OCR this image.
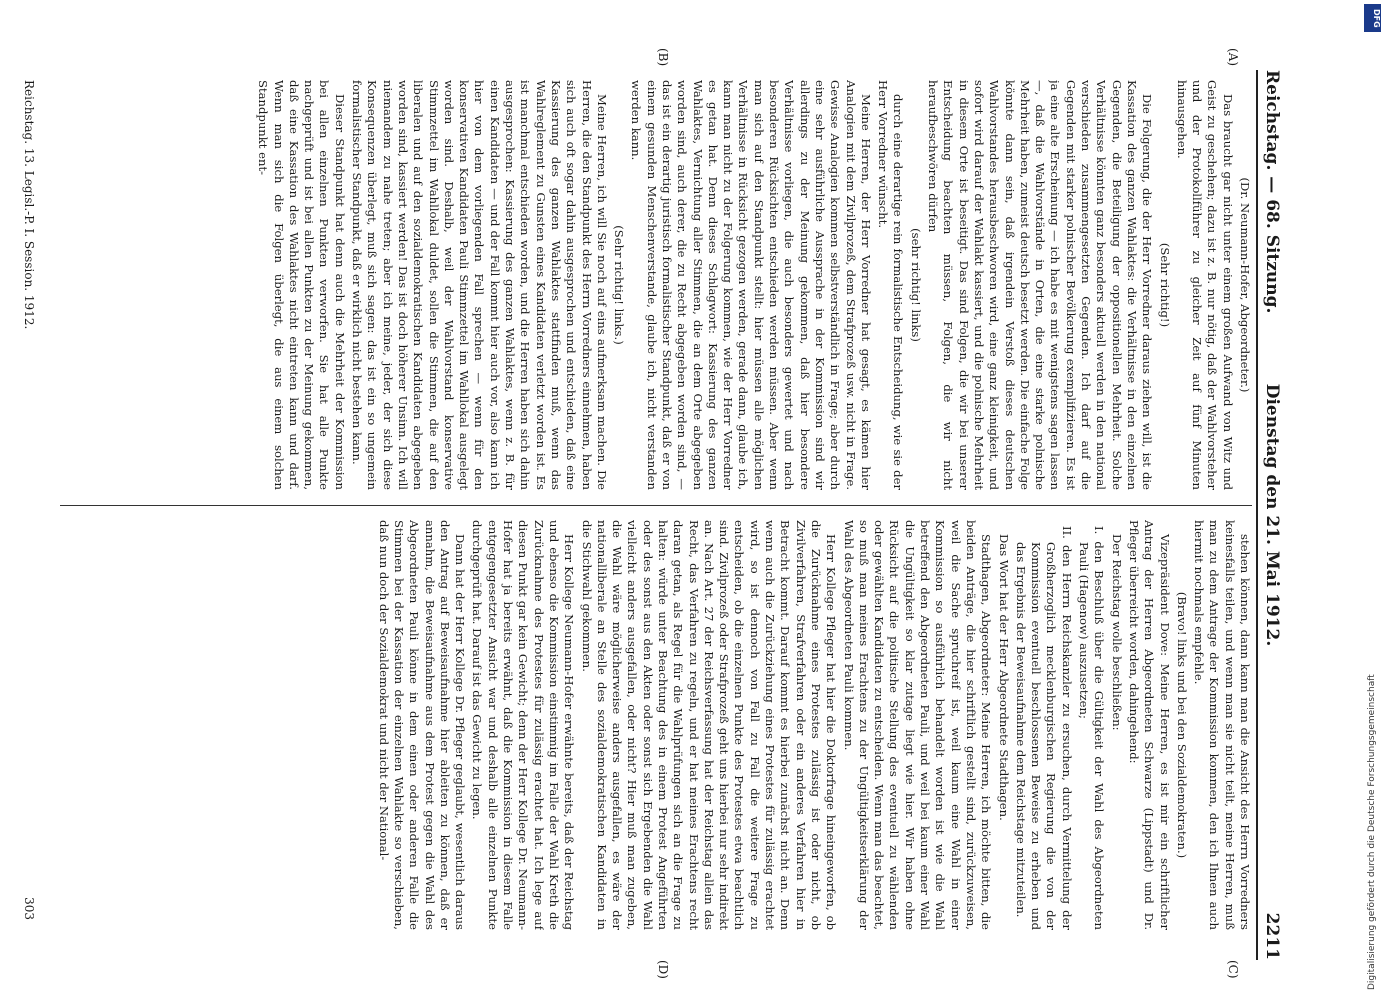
Reichstag. — 68. Sitzung.
Dienstag den 21. Mai 1912.
2211
(A)
(B)
(C)
(D)

(Dr. Neumann-Hofer, Abgeordneter.)

Das braucht gar nicht unter einem großen Aufwand von Witz und Geist zu geschehen; dazu ist z. B. nur nötig, daß der Wahlvorsteher und der Protokollführer zu gleicher Zeit auf fünf Minuten hinausgehen.

(Sehr richtig!)

Die Folgerung, die der Herr Vorredner daraus ziehen will, ist die Kassation des ganzen Wahlaktes: die Verhältnisse in den einzelnen Gegenden, die Beteiligung der oppositionellen Mehrheit. Solche Verhältnisse könnten ganz besonders aktuell werden in den national verschieden zusammengesetzten Gegenden. Ich darf auf die Gegenden mit starker polnischer Bevölkerung exemplifizieren. Es ist ja eine alte Erscheinung — ich habe es mit wenigstens sagen lassen —, daß die Wahlvorstände in Orten, die eine starke polnische Mehrheit haben, zumeist deutsch besetzt werden. Die einfache Folge könnte dann sein, daß irgendein Verstoß dieses deutschen Wahlvorstandes herausbeschworen wird, eine ganz kleinigkeit, und sofort wird darauf der Wahlakt kassiert, und die polnische Mehrheit in diesem Orte ist beseitigt. Das sind Folgen, die wir bei unserer Entscheidung beachten müssen, Folgen, die wir nicht heraufbeschwören dürfen

(sehr richtig! links)

durch eine derartige rein formalistische Entscheidung, wie sie der Herr Vorredner wünscht.

Meine Herren, der Herr Vorredner hat gesagt, es kämen hier Analogien mit dem Zivilprozeß, dem Strafprozeß usw. nicht in Frage. Gewisse Analogien kommen selbstverständlich in Frage; aber durch eine sehr ausführliche Aussprache in der Kommission sind wir allerdings zu der Meinung gekommen, daß hier besondere Verhältnisse vorliegen, die auch besonders gewertet und nach besonderen Rücksichten entschieden werden müssen. Aber wenn man sich auf den Standpunkt stellt: hier müssen alle möglichen Verhältnisse in Rücksicht gezogen werden, gerade dann, glaube ich, kann man nicht zu der Folgerung kommen, wie der Herr Vorredner es getan hat. Denn dieses Schlagwort: Kassierung des ganzen Wahlaktes, Vernichtung aller Stimmen, die an dem Orte abgegeben worden sind, auch derer, die zu Recht abgegeben worden sind, — das ist ein derartig juristisch formalistischer Standpunkt, daß er von einem gesunden Menschenverstande, glaube ich, nicht verstanden werden kann.

(Sehr richtig! links.)

Meine Herren, ich will Sie noch auf eins aufmerksam machen. Die Herren, die den Standpunkt des Herrn Vorredners einnehmen, haben sich auch oft sogar dahin ausgesprochen und entschieden, daß eine Kassierung des ganzen Wahlaktes stattfinden muß, wenn das Wahlreglement zu Gunsten eines Kandidaten verletzt worden ist. Es ist manchmal entschieden worden, und die Herren haben sich dahin ausgesprochen: Kassierung des ganzen Wahlaktes, wenn z. B. für einen Kandidaten — und der Fall kommt hier auch vor, also kann ich hier von dem vorliegenden Fall sprechen — wenn für den konservativen Kandidaten Pauli Stimmzettel im Wahllokal ausgelegt worden sind. Deshalb, weil der Wahlvorstand konservative Stimmzettel im Wahllokal duldet, sollen die Stimmen, die auf den liberalen und auf den sozialdemokratischen Kandidaten abgegeben worden sind, kassiert werden! Das ist doch höherer Unsinn. Ich will niemandem zu nahe treten; aber ich meine, jeder, der sich diese Konsequenzen überlegt, muß sich sagen: das ist ein so ungemein formalistischer Standpunkt, daß er wirklich nicht bestehen kann.

Dieser Standpunkt hat denn auch die Mehrheit der Kommission bei allen einzelnen Punkten verworfen. Sie hat alle Punkte nachgeprüft und ist bei allen Punkten zu der Meinung gekommen, daß eine Kassation des Wahlaktes nicht eintreten kann und darf. Wenn man sich die Folgen überlegt, die aus einem solchen Standpunkt ent-

stehen können, dann kann man die Ansicht des Herrn Vorredners keinesfalls teilen, und wenn man sie nicht teilt, meine Herren, muß man zu dem Antrage der Kommission kommen, den ich Ihnen auch hiermit nochmals empfehle.

(Bravo! links und bei den Sozialdemokraten.)

Vizepräsident Dove: Meine Herren, es ist mir ein schriftlicher Antrag der Herren Abgeordneten Schwarze (Lippstadt) und Dr. Pfleger überreicht worden, dahingehend:

Der Reichstag wolle beschließen:

I. den Beschluß über die Gültigkeit der Wahl des Abgeordneten Pauli (Hagenow) auszusetzen;

II. den Herrn Reichskanzler zu ersuchen, durch Vermittelung der Großherzoglich mecklenburgischen Regierung die von der Kommission eventuell beschlossenen Beweise zu erheben und das Ergebnis der Beweisaufnahme dem Reichstage mitzuteilen.

Das Wort hat der Herr Abgeordnete Stadthagen.

Stadthagen, Abgeordneter: Meine Herren, ich möchte bitten, die beiden Anträge, die hier schriftlich gestellt sind, zurückzuweisen, weil die Sache spruchreif ist, weil kaum eine Wahl in einer Kommission so ausführlich behandelt worden ist wie die Wahl betreffend den Abgeordneten Pauli, und weil bei kaum einer Wahl die Ungültigkeit so klar zutage liegt wie hier. Wir haben ohne Rücksicht auf die politische Stellung des eventuell zu wählenden oder gewählten Kandidaten zu entscheiden. Wenn man das beachtet, so muß man meines Erachtens zu der Ungültigkeitserklärung der Wahl des Abgeordneten Pauli kommen.

Herr Kollege Pfleger hat hier die Doktorfrage hineingeworfen, ob die Zurücknahme eines Protestes zulässig ist oder nicht, ob Zivilverfahren, Strafverfahren oder ein anderes Verfahren hier in Betracht kommt. Darauf kommt es hierbei zunächst nicht an. Denn wenn auch die Zurückziehung eines Protestes für zulässig erachtet wird, so ist dennoch von Fall zu Fall die weitere Frage zu entscheiden, ob die einzelnen Punkte des Protestes etwa beachtlich sind. Zivilprozeß oder Strafprozeß geht uns hierbei nur sehr indirekt an. Nach Art. 27 der Reichsverfassung hat der Reichstag allein das Recht, das Verfahren zu regeln, und er hat meines Erachtens recht daran getan, als Regel für die Wahlprüfungen sich an die Frage zu halten: würde unter Beachtung des in einem Protest Angeführten oder des sonst aus den Akten oder sonst sich Ergebenden die Wahl vielleicht anders ausgefallen, oder nicht? Hier muß man zugeben, die Wahl wäre möglicherweise anders ausgefallen, es wäre der nationalliberale an Stelle des sozialdemokratischen Kandidaten in die Stichwahl gekommen.

Herr Kollege Neumann-Hofer erwähnte bereits, daß der Reichstag und ebenso die Kommission einstimmig im Falle der Wahl Kreth die Zurücknahme des Protestes für zulässig erachtet hat. Ich lege auf diesen Punkt gar kein Gewicht; denn der Herr Kollege Dr. Neumann-Hofer hat ja bereits erwähnt, daß die Kommission in diesem Falle entgegengesetzter Ansicht war und deshalb alle einzelnen Punkte durchgeprüft hat. Darauf ist das Gewicht zu legen.

Dann hat der Herr Kollege Dr. Pfleger geglaubt, wesentlich daraus den Antrag auf Beweisaufnahme hier ableiten zu können, daß er annahm, die Beweisaufnahme aus dem Protest gegen die Wahl des Abgeordneten Pauli könne in dem einen oder anderen Falle die Stimmen bei der Kassation der einzelnen Wahlakte so verschieben, daß nun doch der Sozialdemokrat und nicht der National-

Reichstag. 13. Legisl.-P. I. Session. 1912.
303
DFG
Digitalisierung gefördert durch die Deutsche Forschungsgemeinschaft
